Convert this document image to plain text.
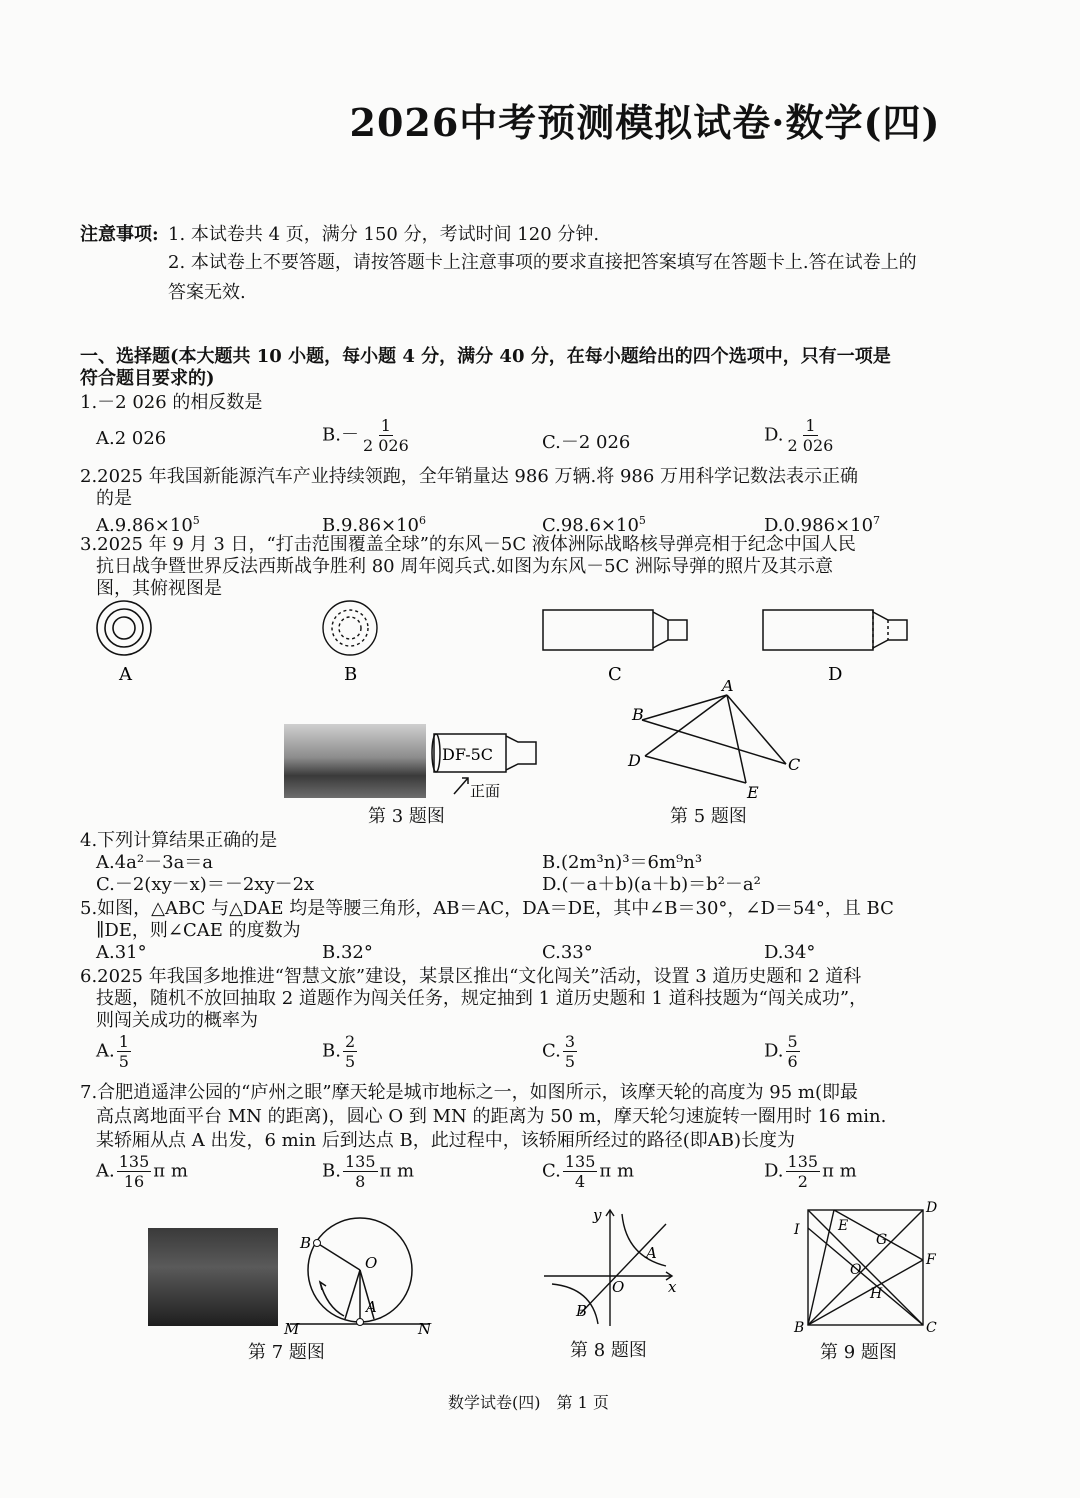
2026中考预测模拟试卷·数学(四)
注意事项: 1. 本试卷共 4 页，满分 150 分，考试时间 120 分钟.
2. 本试卷上不要答题，请按答题卡上注意事项的要求直接把答案填写在答题卡上.答在试卷上的
答案无效.
一、选择题(本大题共 10 小题，每小题 4 分，满分 40 分，在每小题给出的四个选项中，只有一项是
符合题目要求的)
1.－2 026 的相反数是
A.2 026	$B.- \frac{1}{2 026}$	C.－2 026	D. $\frac{1}{2 026}$
2.2025 年我国新能源汽车产业持续领跑，全年销量达 986 万辆.将 986 万用科学记数法表示正确
的是
$A.9.86\times 10^5$	$B.9.86\times 10^6$	$C.98.6\times 10^5$	$D.0.986\times 10^7$
3.2025 年 9 月 3 日，“打击范围覆盖全球”的东风－5C 液体洲际战略核导弹亮相于纪念中国人民
抗日战争暨世界反法西斯战争胜利 80 周年阅兵式.如图为东风－5C 洲际导弹的照片及其示意
图，其俯视图是
A	B	C	D
DF-5C
正面
第 3 题图
A
B
C
D
E
第 5 题图
4.下列计算结果正确的是
A.4a²－3a＝a	B.(2m³n)³＝6m⁹n³
C.－2(xy－x)＝－2xy－2x	D.(－a＋b)(a＋b)＝b²－a²
5.如图，△ABC 与△DAE 均是等腰三角形，AB＝AC，DA＝DE，其中∠B＝30°，∠D＝54°，且 BC
∥DE，则∠CAE 的度数为
A.31°	B.32°	C.33°	D.34°
6.2025 年我国多地推进“智慧文旅”建设，某景区推出“文化闯关”活动，设置 3 道历史题和 2 道科
技题，随机不放回抽取 2 道题作为闯关任务，规定抽到 1 道历史题和 1 道科技题为“闯关成功”，
则闯关成功的概率为
A. $\frac{1}{5}$	B. $\frac{2}{5}$	C. $\frac{3}{5}$	D. $\frac{5}{6}$
7.合肥逍遥津公园的“庐州之眼”摩天轮是城市地标之一，如图所示，该摩天轮的高度为 95 m(即最
高点离地面平台 MN 的距离)，圆心 O 到 MN 的距离为 50 m，摩天轮匀速旋转一圈用时 16 min.
某轿厢从点 A 出发，6 min 后到达点 B，此过程中，该轿厢所经过的路径(即AB)长度为
A. $\frac{135}{16}$ π m	B. $\frac{135}{8}$ π m	C. $\frac{135}{4}$ π m	D. $\frac{135}{2}$ π m
B
O
A
M	N
第 7 题图
y
A
O	x
B
第 8 题图
I
D
E
G
F
O
H
B	C
第 9 题图
数学试卷(四)　第 1 页
